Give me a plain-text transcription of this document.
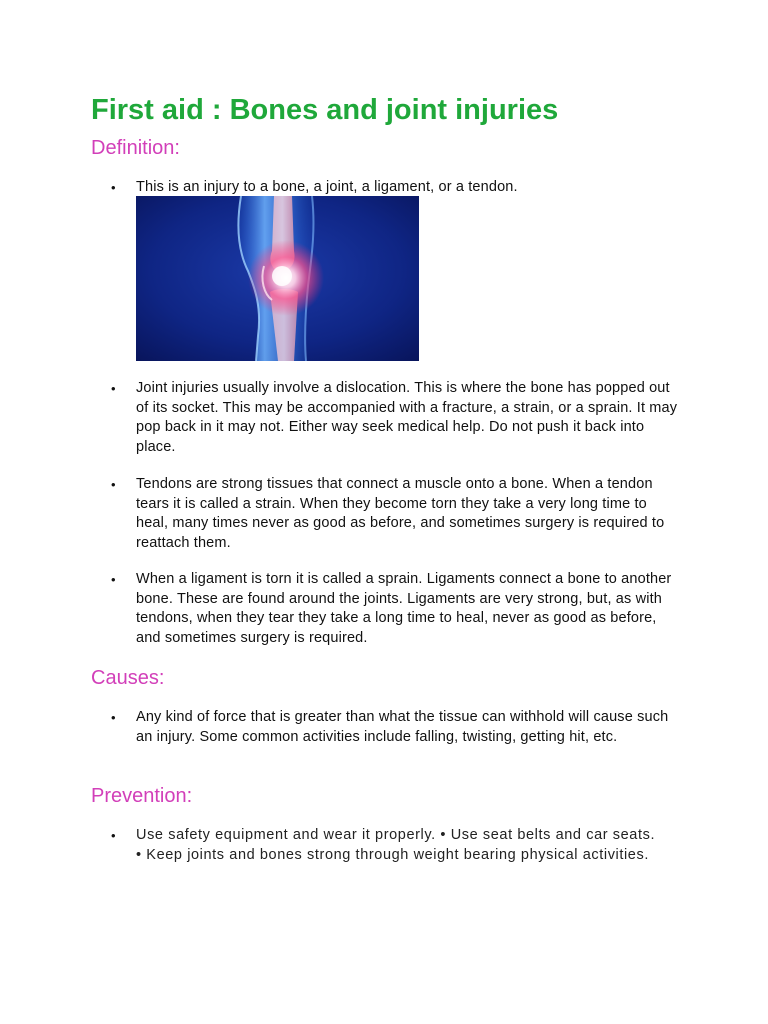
First aid : Bones and joint injuries
Definition:
• This is an injury to a bone, a joint, a ligament, or a tendon.

• Joint injuries usually involve a dislocation. This is where the bone has popped out of its socket. This may be accompanied with a fracture, a strain, or a sprain. It may pop back in it may not. Either way seek medical help. Do not push it back into place.

• Tendons are strong tissues that connect a muscle onto a bone. When a tendon tears it is called a strain. When they become torn they take a very long time to heal, many times never as good as before, and sometimes surgery is required to reattach them.

• When a ligament is torn it is called a sprain. Ligaments connect a bone to another bone. These are found around the joints. Ligaments are very strong, but, as with tendons, when they tear they take a long time to heal, never as good as before, and sometimes surgery is required.

Causes:
• Any kind of force that is greater than what the tissue can withhold will cause such an injury. Some common activities include falling, twisting, getting hit, etc.

Prevention:
• Use safety equipment and wear it properly. • Use seat belts and car seats. • Keep joints and bones strong through weight bearing physical activities.
